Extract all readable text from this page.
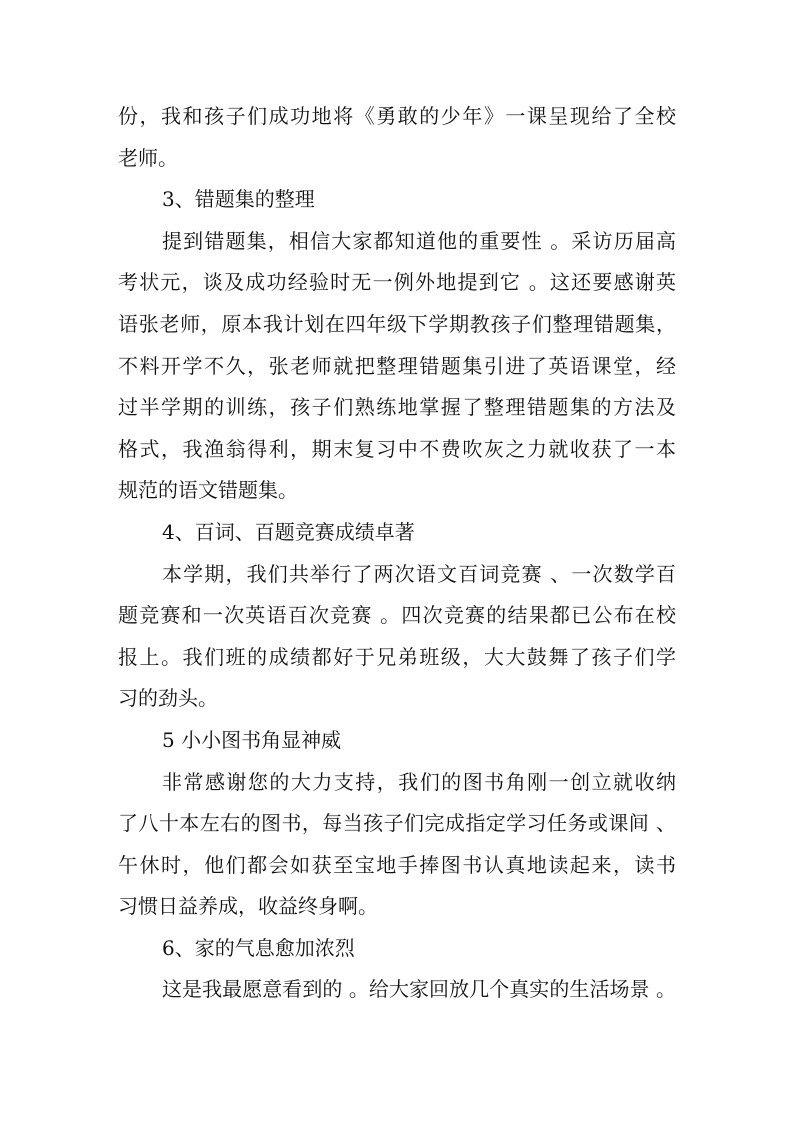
份，我和孩子们成功地将《勇敢的少年》一课呈现给了全校
老师。
3、错题集的整理
提到错题集，相信大家都知道他的重要性 。采访历届高
考状元，谈及成功经验时无一例外地提到它 。这还要感谢英
语张老师，原本我计划在四年级下学期教孩子们整理错题集，
不料开学不久，张老师就把整理错题集引进了英语课堂，经
过半学期的训练，孩子们熟练地掌握了整理错题集的方法及
格式，我渔翁得利，期末复习中不费吹灰之力就收获了一本
规范的语文错题集。
4、百词、百题竞赛成绩卓著
本学期，我们共举行了两次语文百词竞赛 、一次数学百
题竞赛和一次英语百次竞赛 。四次竞赛的结果都已公布在校
报上。我们班的成绩都好于兄弟班级，大大鼓舞了孩子们学
习的劲头。
5 小小图书角显神威
非常感谢您的大力支持，我们的图书角刚一创立就收纳
了八十本左右的图书，每当孩子们完成指定学习任务或课间 、
午休时，他们都会如获至宝地手捧图书认真地读起来，读书
习惯日益养成，收益终身啊。
6、家的气息愈加浓烈
这是我最愿意看到的 。给大家回放几个真实的生活场景 。
